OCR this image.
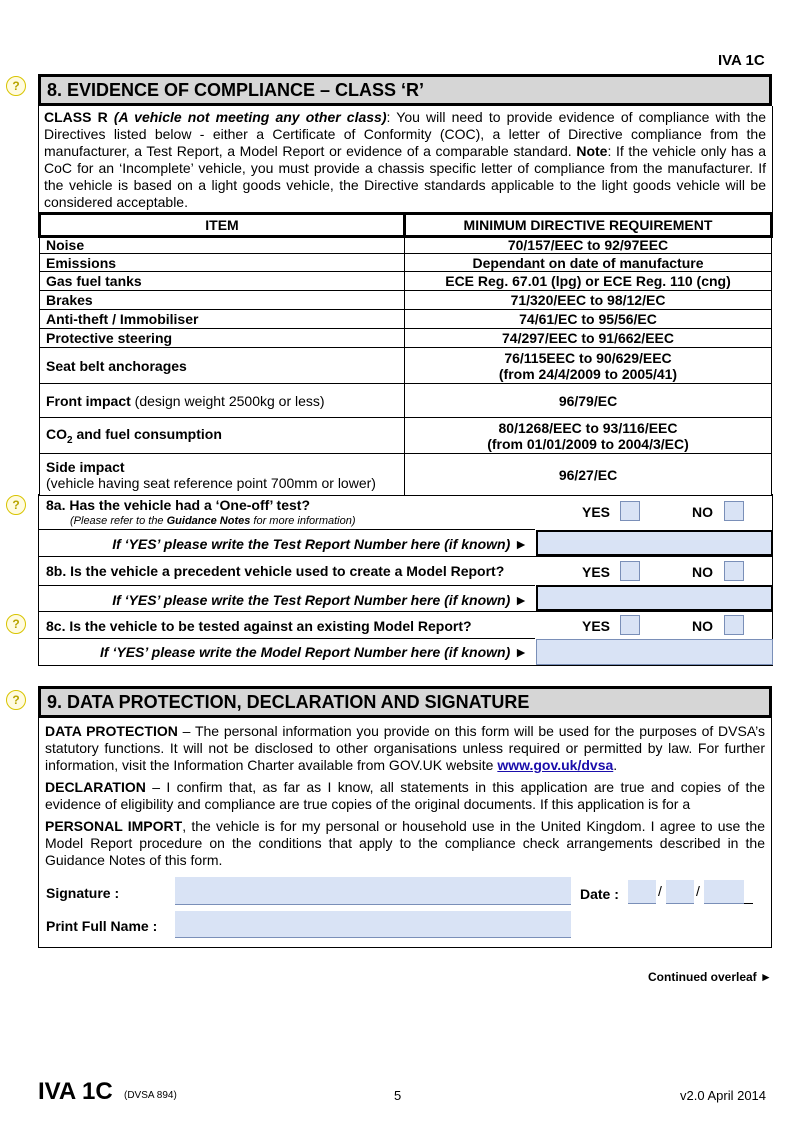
IVA 1C
?
?
?
?
8. EVIDENCE OF COMPLIANCE – CLASS ‘R’
CLASS R (A vehicle not meeting any other class): You will need to provide evidence of compliance with the Directives listed below - either a Certificate of Conformity (COC), a letter of Directive compliance from the manufacturer, a Test Report, a Model Report or evidence of a comparable standard. Note: If the vehicle only has a CoC for an ‘Incomplete’ vehicle, you must provide a chassis specific letter of compliance from the manufacturer. If the vehicle is based on a light goods vehicle, the Directive standards applicable to the light goods vehicle will be considered acceptable.
ITEM	MINIMUM DIRECTIVE REQUIREMENT
Noise	70/157/EEC to 92/97EEC
Emissions	Dependant on date of manufacture
Gas fuel tanks	ECE Reg. 67.01 (lpg) or ECE Reg. 110 (cng)
Brakes	71/320/EEC to 98/12/EC
Anti-theft / Immobiliser	74/61/EC to 95/56/EC
Protective steering	74/297/EEC to 91/662/EEC
Seat belt anchorages	76/115EEC to 90/629/EEC
(from 24/4/2009 to 2005/41)

Front impact (design weight 2500kg or less)	96/79/EC
$CO_2$ and fuel consumption	80/1268/EEC to 93/116/EEC
(from 01/01/2009 to 2004/3/EC)

Side impact
(vehicle having seat reference point 700mm or lower)	96/27/EC
8a. Has the vehicle had a ‘One-off’ test?
(Please refer to the Guidance Notes for more information)
YES	NO
If ‘YES’ please write the Test Report Number here (if known) ►
8b. Is the vehicle a precedent vehicle used to create a Model Report?	YES	NO
If ‘YES’ please write the Test Report Number here (if known) ►
8c. Is the vehicle to be tested against an existing Model Report?	YES	NO
If ‘YES’ please write the Model Report Number here (if known) ►
9. DATA PROTECTION, DECLARATION AND SIGNATURE
DATA PROTECTION – The personal information you provide on this form will be used for the purposes of DVSA’s statutory functions. It will not be disclosed to other organisations unless required or permitted by law. For further information, visit the Information Charter available from GOV.UK website www.gov.uk/dvsa.
DECLARATION – I confirm that, as far as I know, all statements in this application are true and copies of the evidence of eligibility and compliance are true copies of the original documents. If this application is for a
PERSONAL IMPORT, the vehicle is for my personal or household use in the United Kingdom. I agree to use the Model Report procedure on the conditions that apply to the compliance check arrangements described in the Guidance Notes of this form.
Signature :	Date :	/ /
Print Full Name :
Continued overleaf ►
IVA 1C (DVSA 894)	5	v2.0 April 2014
